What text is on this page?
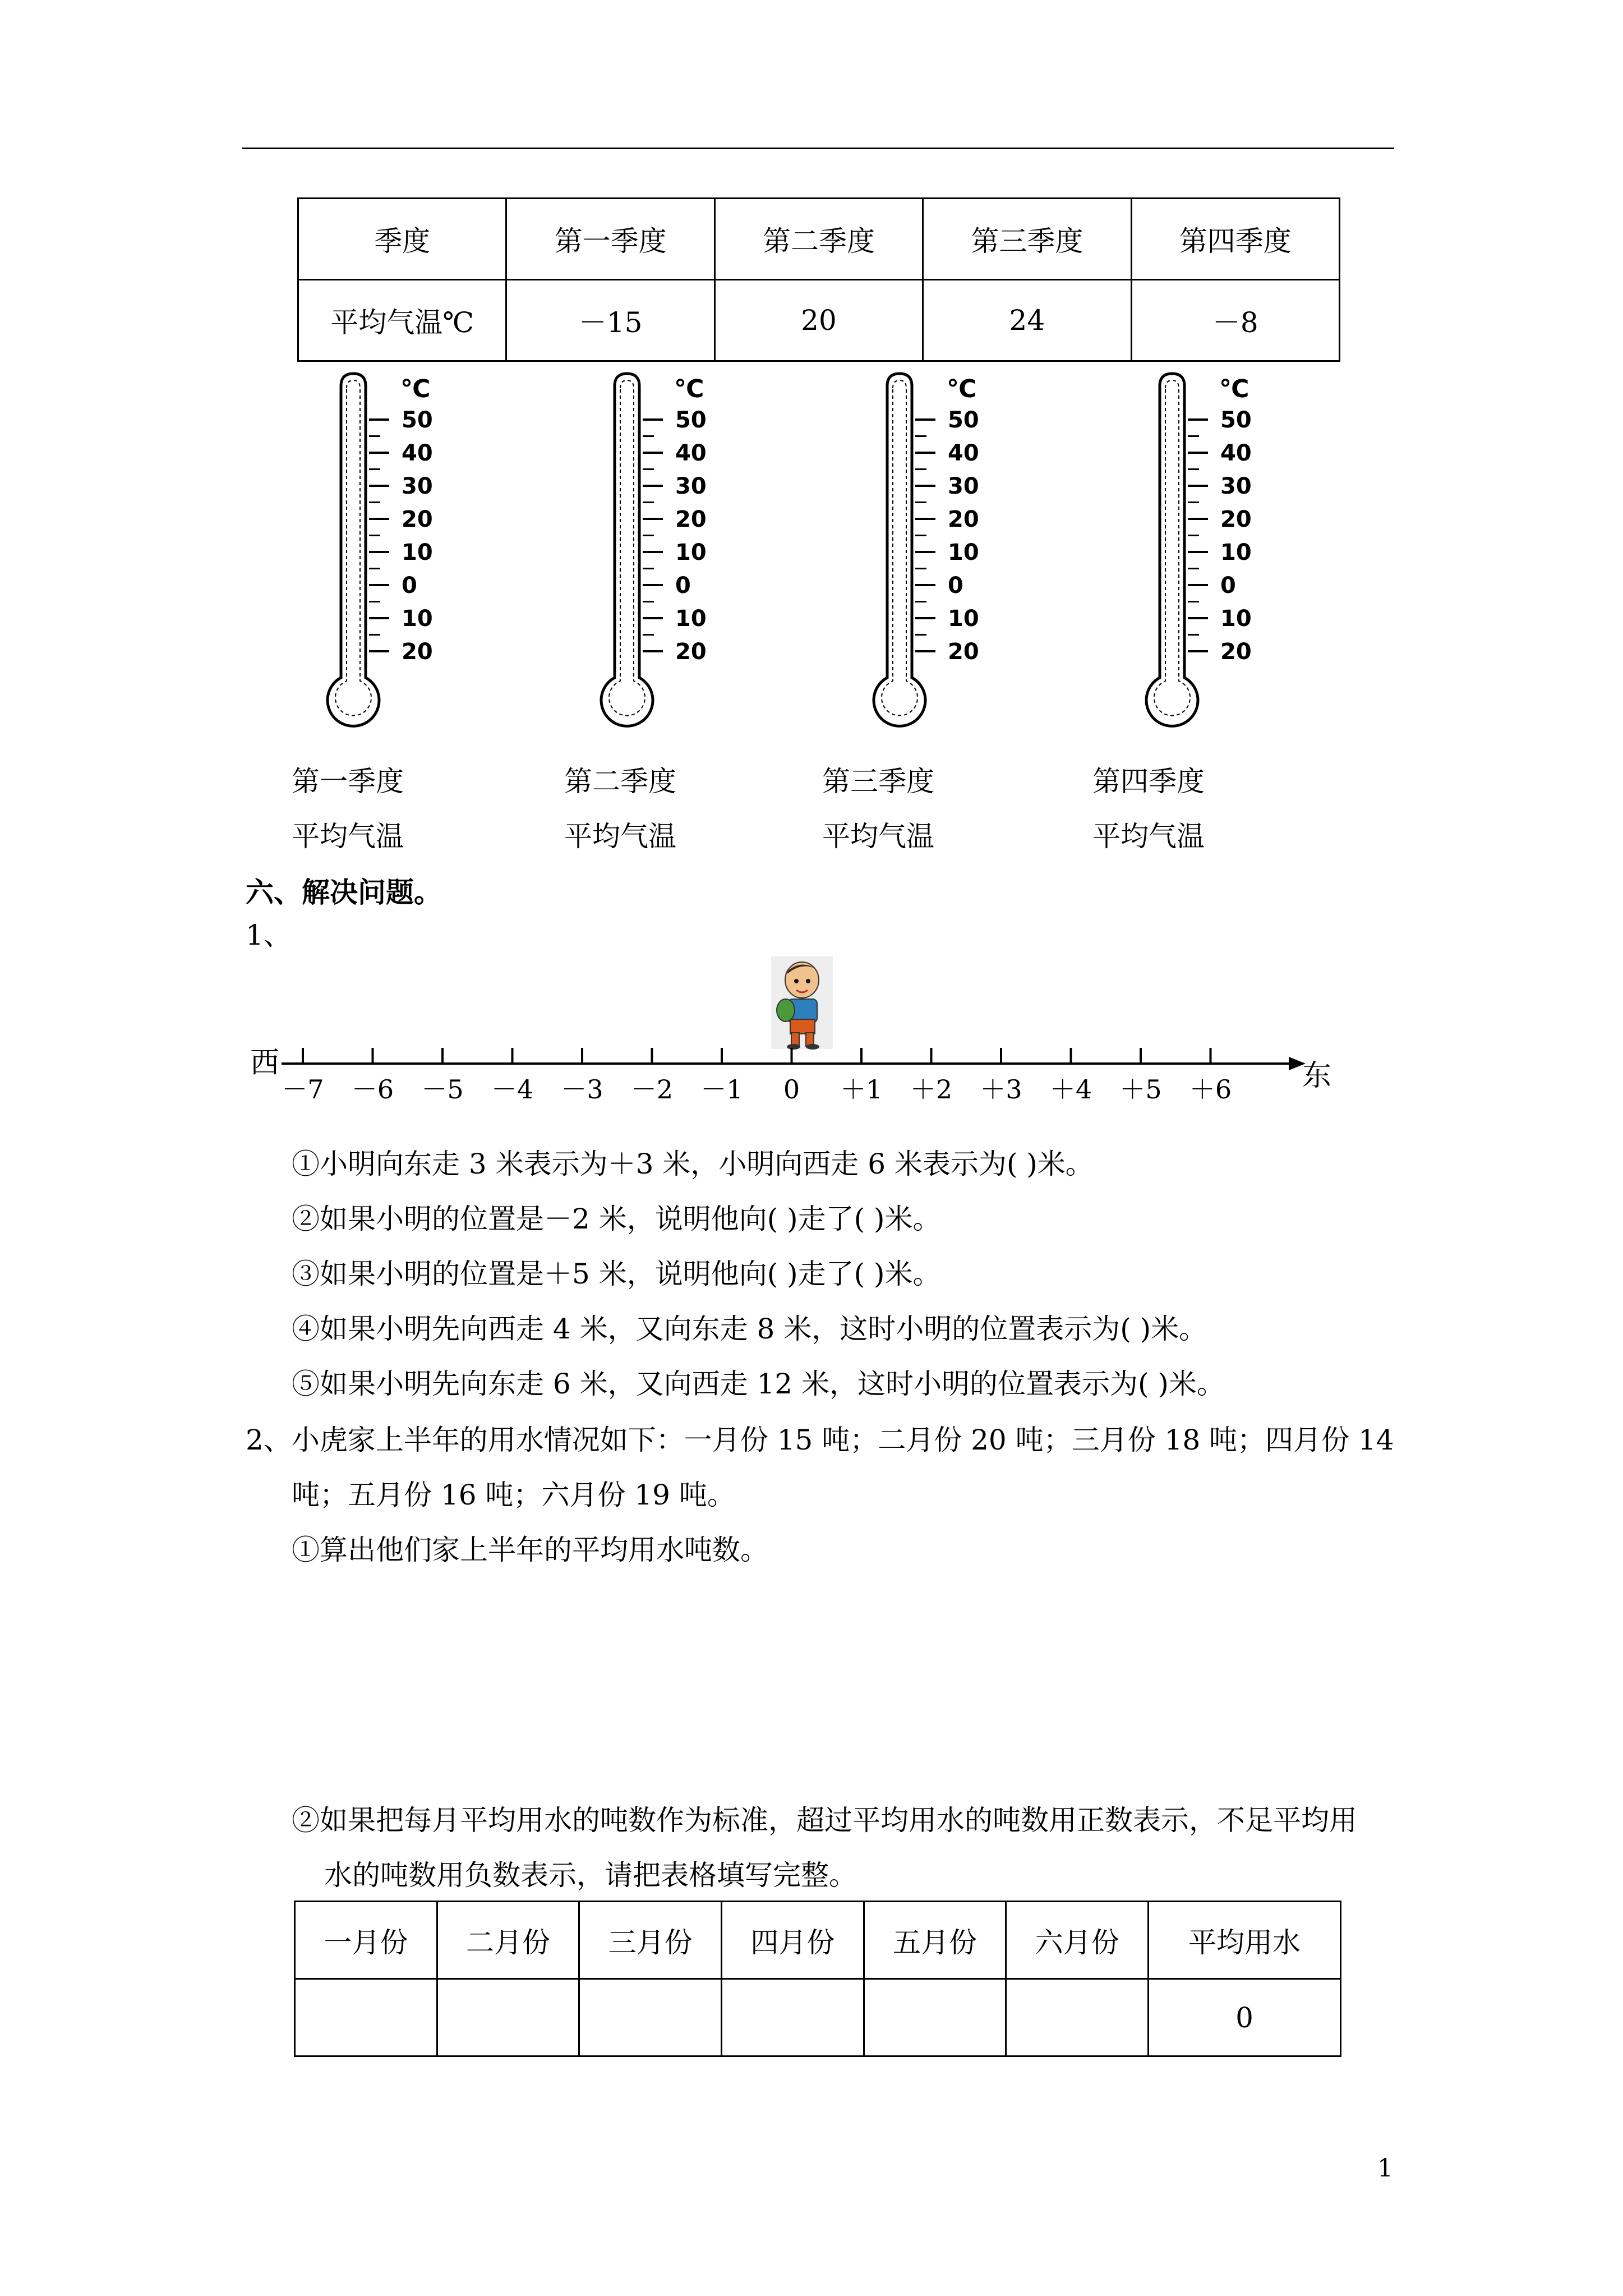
季度	第一季度	第二季度	第三季度	第四季度
平均气温℃	－15	20	24	－8
℃
50
40
30
20
10
0
10
20
℃
50
40
30
20
10
0
10
20
℃
50
40
30
20
10
0
10
20
℃
50
40
30
20
10
0
10
20
第一季度	第二季度	第三季度	第四季度
平均气温	平均气温	平均气温	平均气温
六、解决问题。
1、
－7 －6 －5 －4 －3 －2 －1 0 ＋1 ＋2 ＋3 ＋4 ＋5 ＋6
西	东
①小明向东走 3 米表示为＋3 米，小明向西走 6 米表示为( )米。
②如果小明的位置是－2 米，说明他向( )走了( )米。
③如果小明的位置是＋5 米，说明他向( )走了( )米。
④如果小明先向西走 4 米，又向东走 8 米，这时小明的位置表示为( )米。
⑤如果小明先向东走 6 米，又向西走 12 米，这时小明的位置表示为( )米。
2、小虎家上半年的用水情况如下：一月份 15 吨；二月份 20 吨；三月份 18 吨；四月份 14
吨；五月份 16 吨；六月份 19 吨。
①算出他们家上半年的平均用水吨数。
②如果把每月平均用水的吨数作为标准，超过平均用水的吨数用正数表示，不足平均用
水的吨数用负数表示，请把表格填写完整。
一月份	二月份	三月份	四月份	五月份	六月份	平均用水
						0
1
